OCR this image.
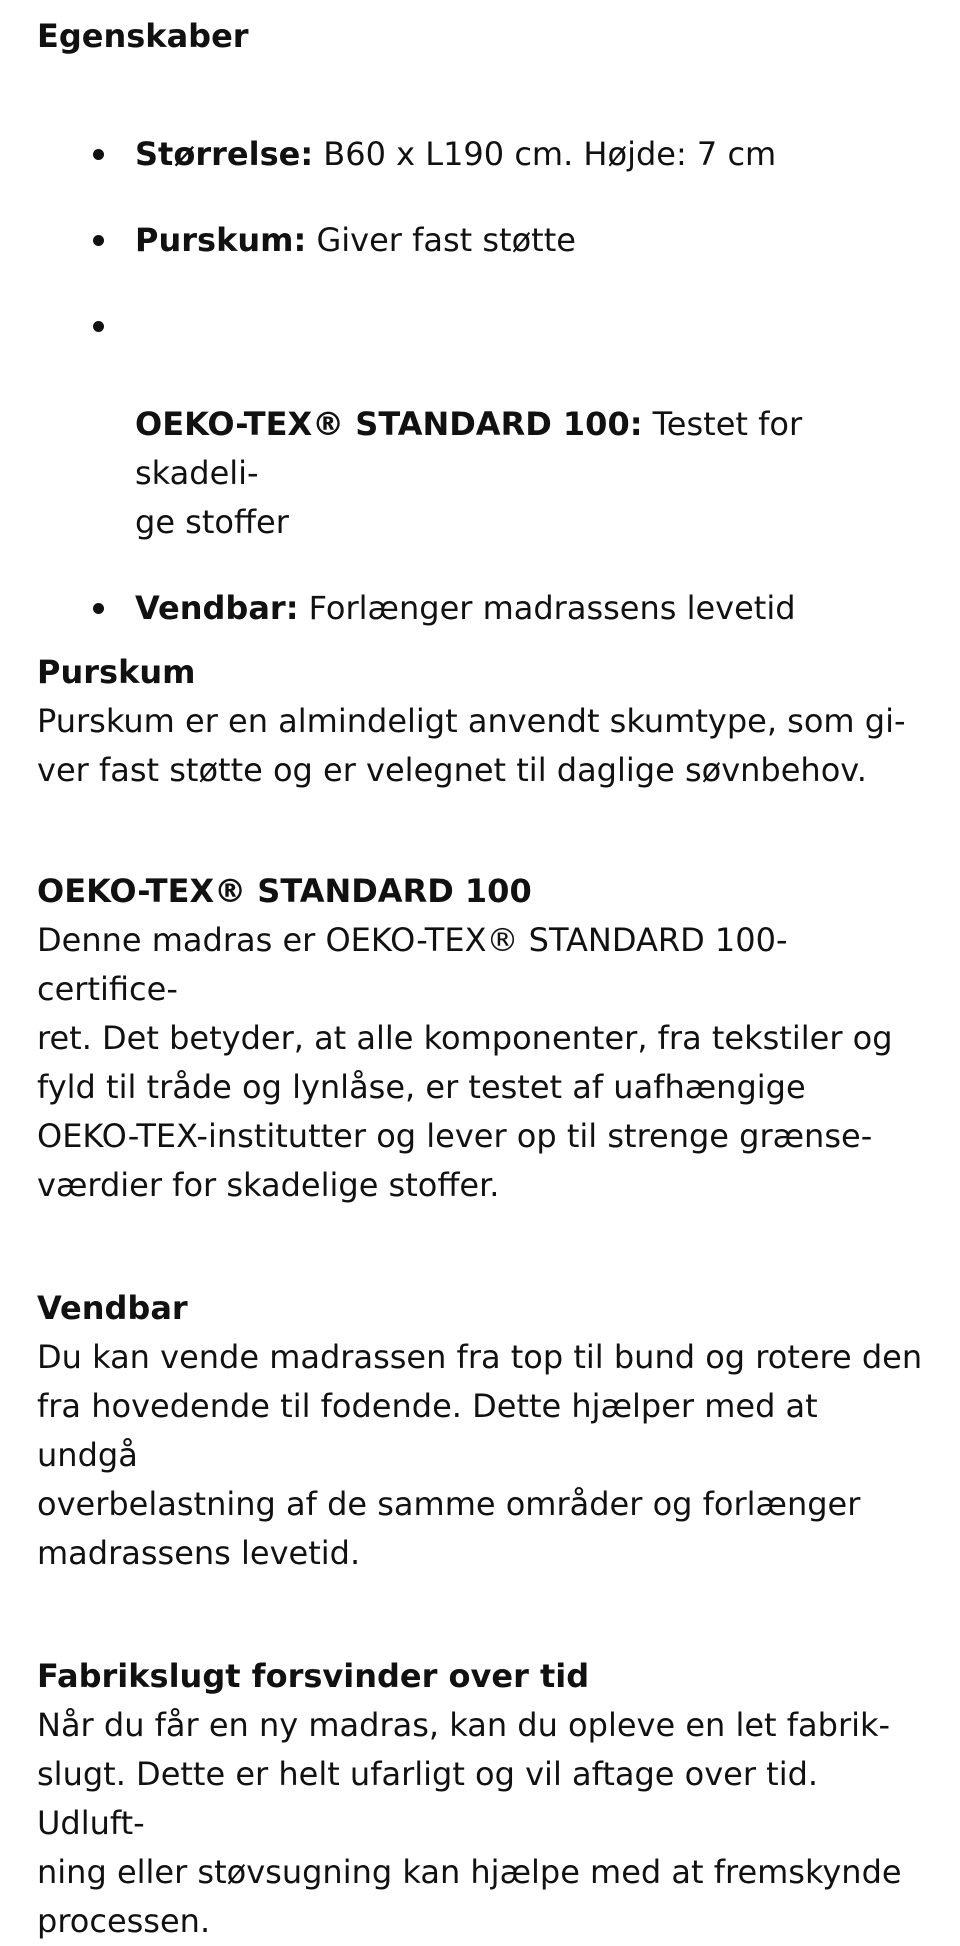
Egenskaber
Størrelse: B60 x L190 cm. Højde: 7 cm
Purskum: Giver fast støtte

OEKO-TEX® STANDARD 100: Testet for skadeli-
ge stoffer

Vendbar: Forlænger madrassens levetid
Purskum

Purskum er en almindeligt anvendt skumtype, som gi-

ver fast støtte og er velegnet til daglige søvnbehov.

OEKO-TEX® STANDARD 100

Denne madras er OEKO-TEX® STANDARD 100-certifice-

ret. Det betyder, at alle komponenter, fra tekstiler og

fyld til tråde og lynlåse, er testet af uafhængige

OEKO-TEX-institutter og lever op til strenge grænse-

værdier for skadelige stoffer.

Vendbar

Du kan vende madrassen fra top til bund og rotere den

fra hovedende til fodende. Dette hjælper med at undgå

overbelastning af de samme områder og forlænger

madrassens levetid.

Fabrikslugt forsvinder over tid

Når du får en ny madras, kan du opleve en let fabrik-

slugt. Dette er helt ufarligt og vil aftage over tid. Udluft-

ning eller støvsugning kan hjælpe med at fremskynde

processen.
